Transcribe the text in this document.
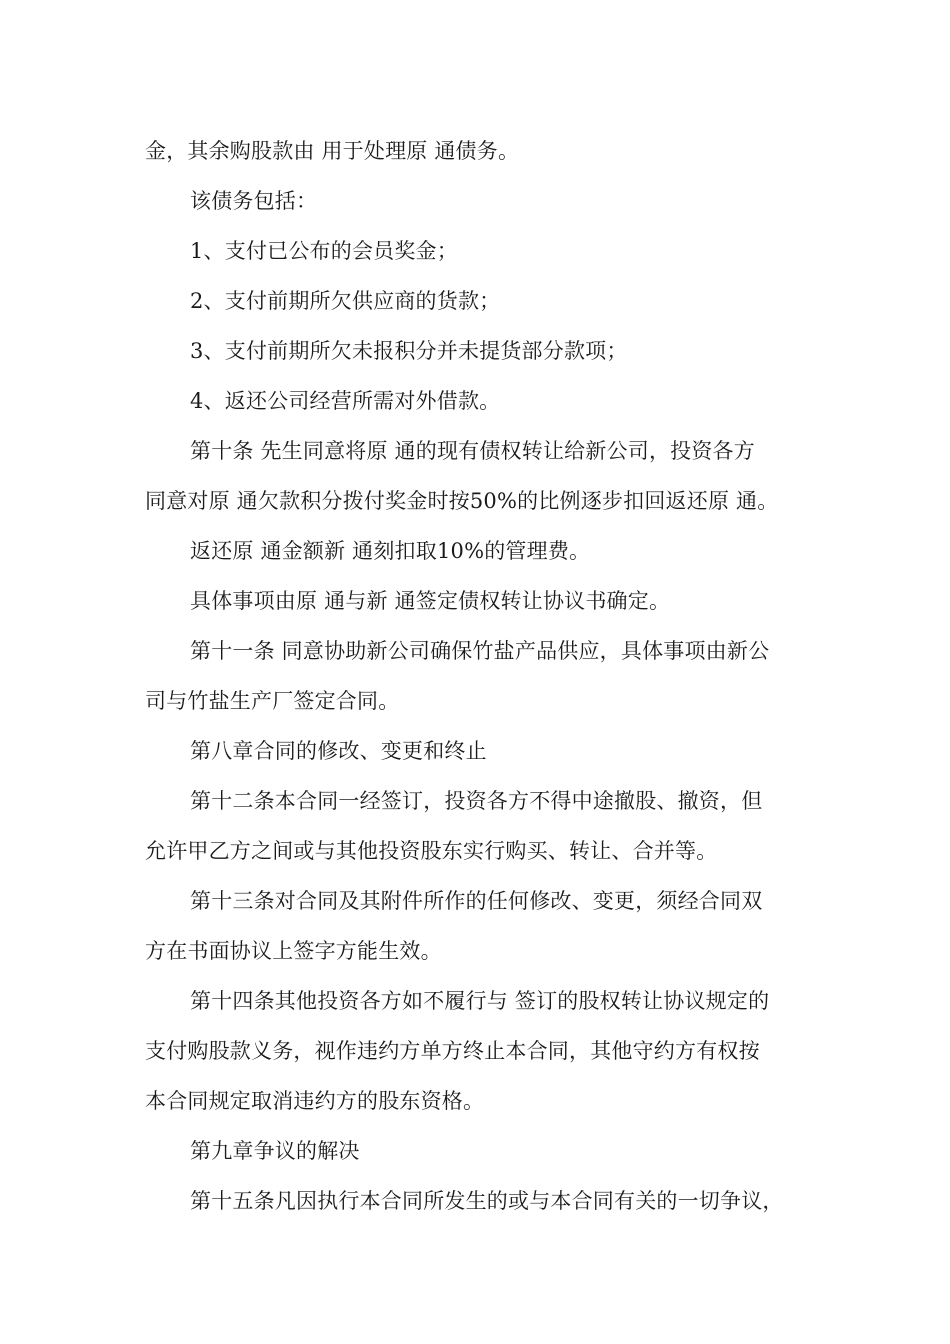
金，其余购股款由 用于处理原 通债务。
该债务包括：
1、支付已公布的会员奖金；
2、支付前期所欠供应商的货款；
3、支付前期所欠未报积分并未提货部分款项；
4、返还公司经营所需对外借款。
第十条 先生同意将原 通的现有债权转让给新公司，投资各方
同意对原 通欠款积分拨付奖金时按50%的比例逐步扣回返还原 通。
返还原 通金额新 通刻扣取10%的管理费。
具体事项由原 通与新 通签定债权转让协议书确定。
第十一条 同意协助新公司确保竹盐产品供应，具体事项由新公
司与竹盐生产厂签定合同。
第八章合同的修改、变更和终止
第十二条本合同一经签订，投资各方不得中途撤股、撤资，但
允许甲乙方之间或与其他投资股东实行购买、转让、合并等。
第十三条对合同及其附件所作的任何修改、变更，须经合同双
方在书面协议上签字方能生效。
第十四条其他投资各方如不履行与 签订的股权转让协议规定的
支付购股款义务，视作违约方单方终止本合同，其他守约方有权按
本合同规定取消违约方的股东资格。
第九章争议的解决
第十五条凡因执行本合同所发生的或与本合同有关的一切争议，
